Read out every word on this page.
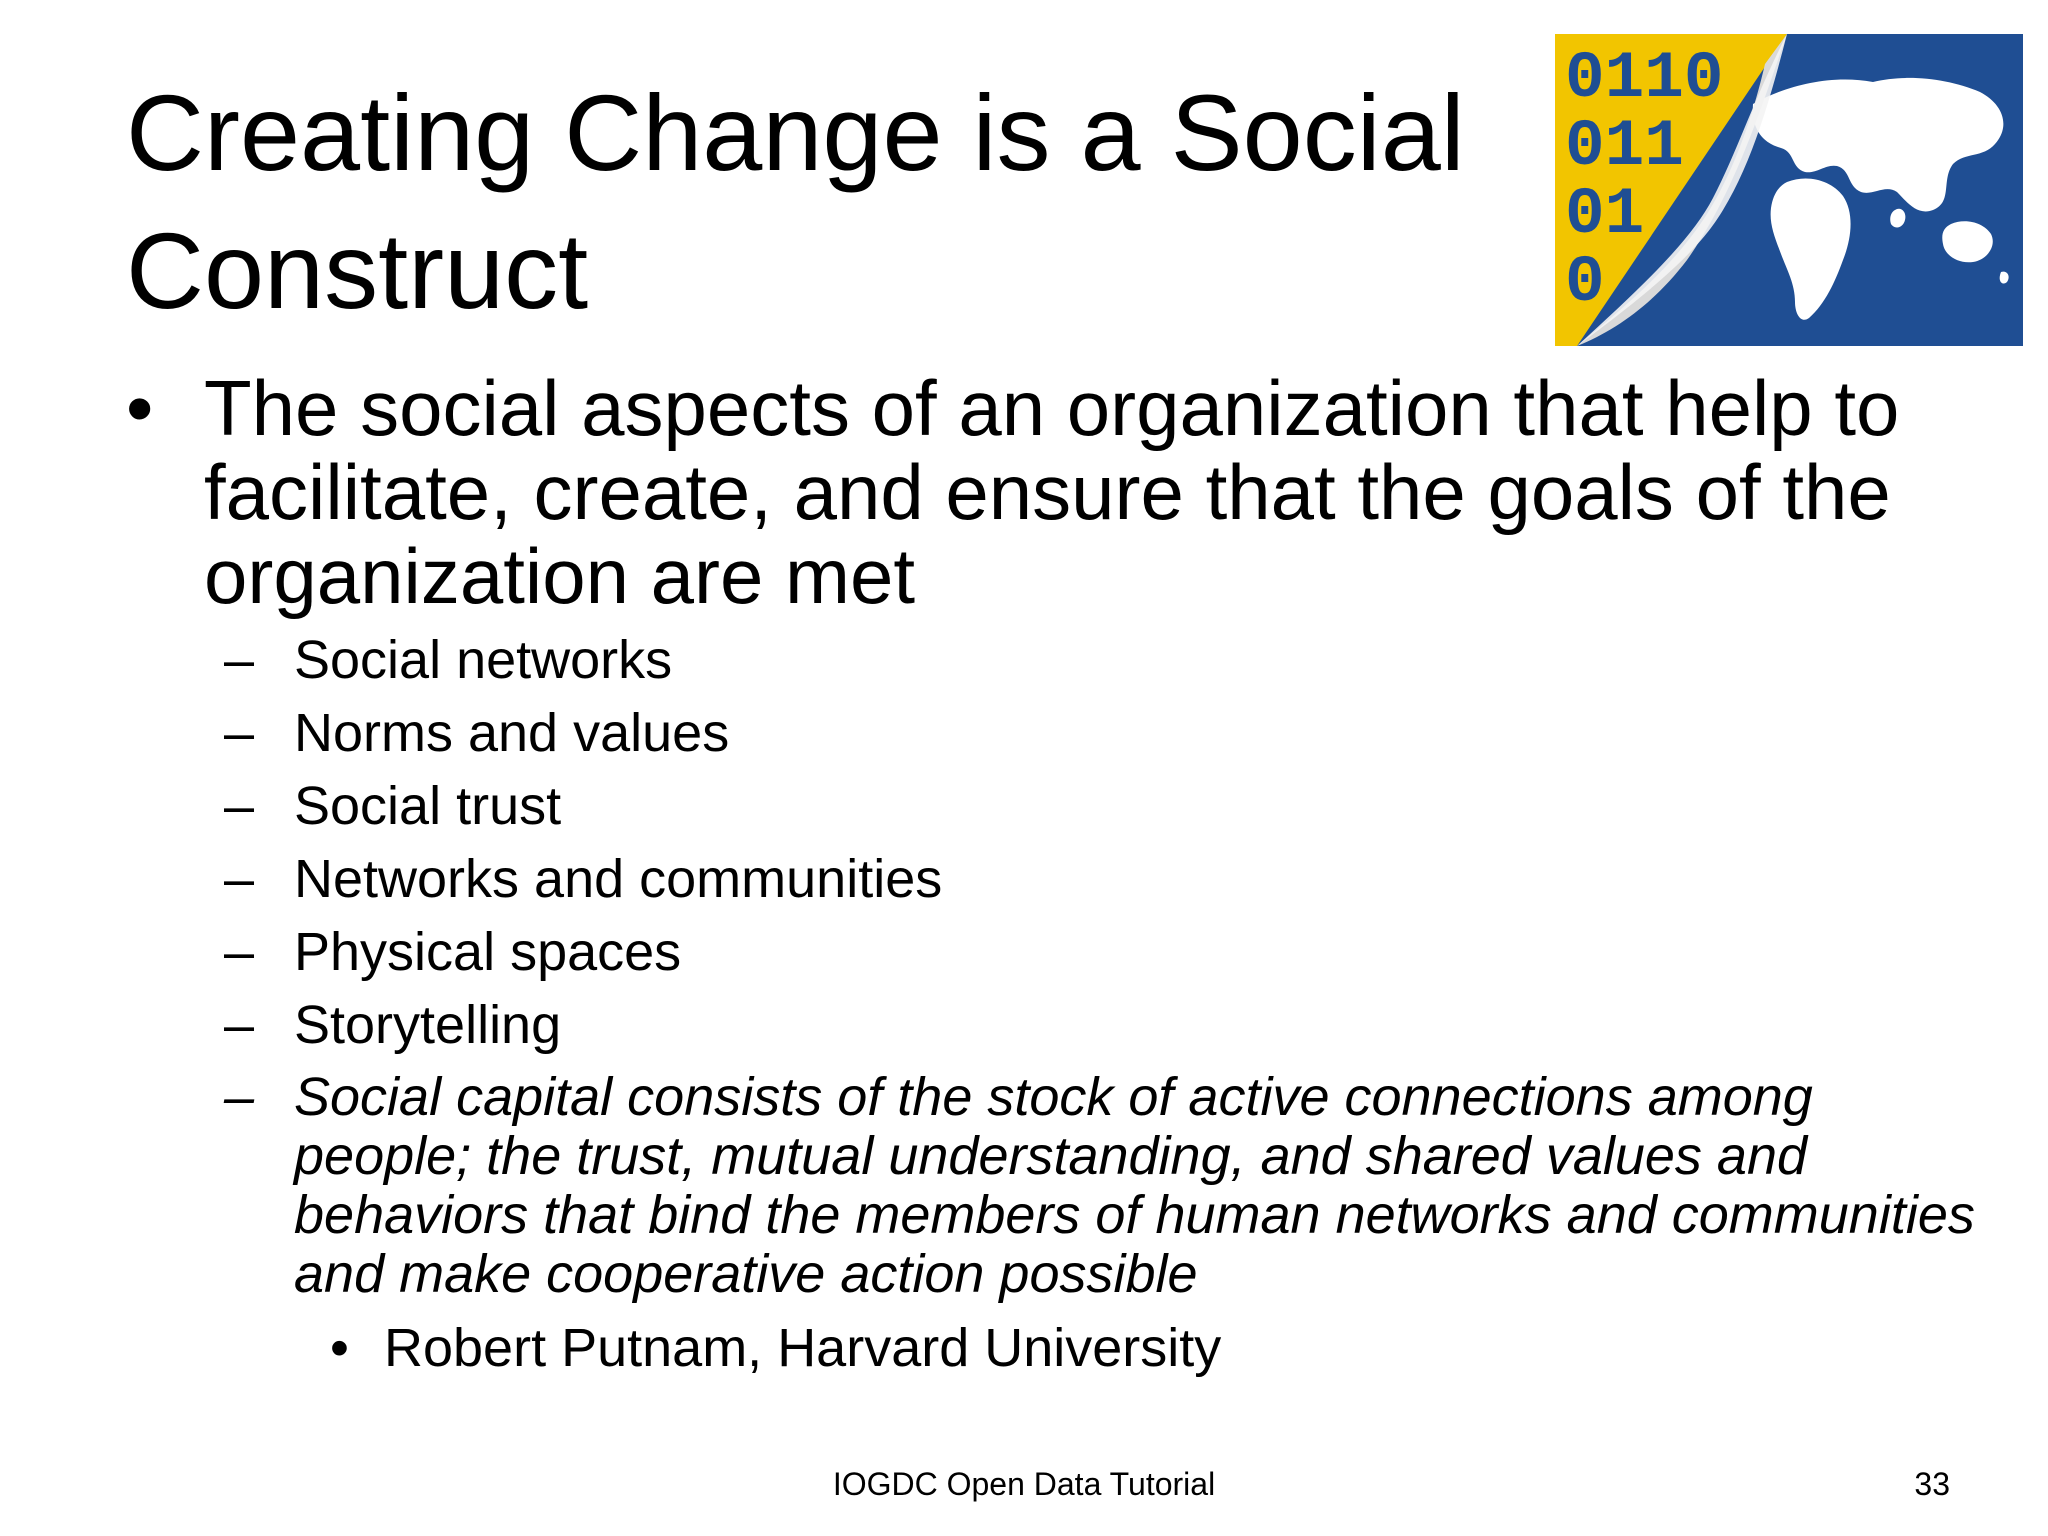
Creating Change is a Social Construct
0110
011
01
0
• The social aspects of an organization that help to facilitate, create, and ensure that the goals of the organization are met
– Social networks
– Norms and values
– Social trust
– Networks and communities
– Physical spaces
– Storytelling
– Social capital consists of the stock of active connections among people; the trust, mutual understanding, and shared values and behaviors that bind the members of human networks and communities and make cooperative action possible
• Robert Putnam, Harvard University
IOGDC Open Data Tutorial	33
